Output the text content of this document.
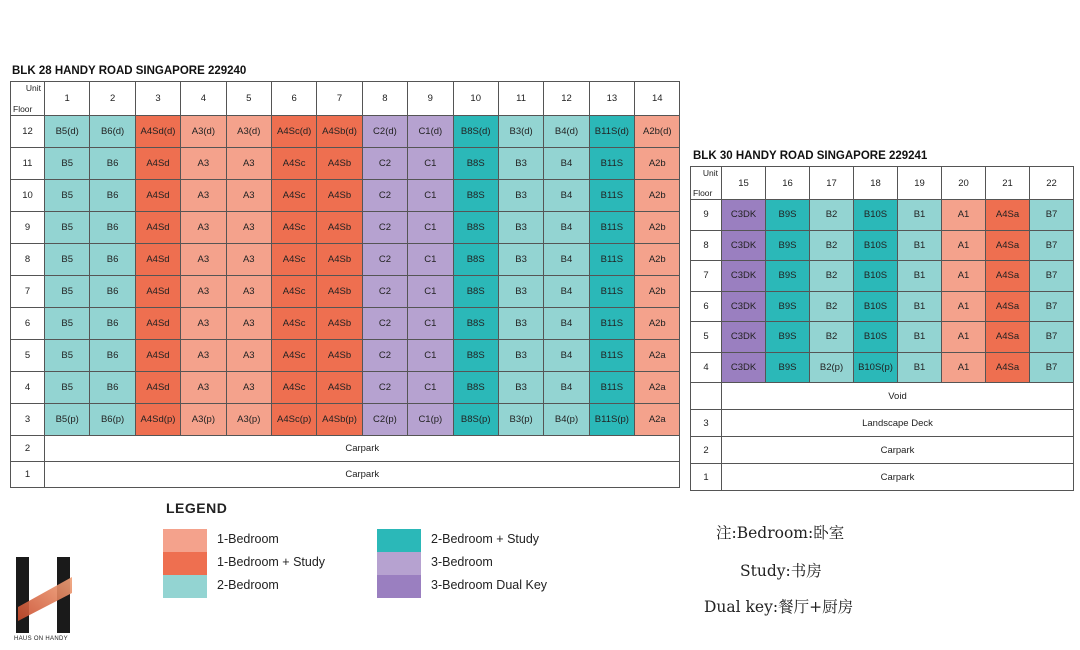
BLK 28 HANDY ROAD SINGAPORE 229240
Unit
Floor	1	2	3	4	5	6	7	8	9	10	11	12	13	14
12	B5(d)	B6(d)	A4Sd(d)	A3(d)	A3(d)	A4Sc(d)	A4Sb(d)	C2(d)	C1(d)	B8S(d)	B3(d)	B4(d)	B11S(d)	A2b(d)
11	B5	B6	A4Sd	A3	A3	A4Sc	A4Sb	C2	C1	B8S	B3	B4	B11S	A2b
10	B5	B6	A4Sd	A3	A3	A4Sc	A4Sb	C2	C1	B8S	B3	B4	B11S	A2b
9	B5	B6	A4Sd	A3	A3	A4Sc	A4Sb	C2	C1	B8S	B3	B4	B11S	A2b
8	B5	B6	A4Sd	A3	A3	A4Sc	A4Sb	C2	C1	B8S	B3	B4	B11S	A2b
7	B5	B6	A4Sd	A3	A3	A4Sc	A4Sb	C2	C1	B8S	B3	B4	B11S	A2b
6	B5	B6	A4Sd	A3	A3	A4Sc	A4Sb	C2	C1	B8S	B3	B4	B11S	A2b
5	B5	B6	A4Sd	A3	A3	A4Sc	A4Sb	C2	C1	B8S	B3	B4	B11S	A2a
4	B5	B6	A4Sd	A3	A3	A4Sc	A4Sb	C2	C1	B8S	B3	B4	B11S	A2a
3	B5(p)	B6(p)	A4Sd(p)	A3(p)	A3(p)	A4Sc(p)	A4Sb(p)	C2(p)	C1(p)	B8S(p)	B3(p)	B4(p)	B11S(p)	A2a
2	Carpark													
1	Carpark													
BLK 30 HANDY ROAD SINGAPORE 229241
Unit
Floor	15	16	17	18	19	20	21	22
9	C3DK	B9S	B2	B10S	B1	A1	A4Sa	B7
8	C3DK	B9S	B2	B10S	B1	A1	A4Sa	B7
7	C3DK	B9S	B2	B10S	B1	A1	A4Sa	B7
6	C3DK	B9S	B2	B10S	B1	A1	A4Sa	B7
5	C3DK	B9S	B2	B10S	B1	A1	A4Sa	B7
4	C3DK	B9S	B2(p)	B10S(p)	B1	A1	A4Sa	B7
	Void							
3	Landscape Deck							
2	Carpark							
1	Carpark							
LEGEND
1-Bedroom
1-Bedroom + Study
2-Bedroom
2-Bedroom + Study
3-Bedroom
3-Bedroom Dual Key
注:Bedroom:卧室
Study:书房
Dual key:餐厅+厨房
HAUS ON HANDY
